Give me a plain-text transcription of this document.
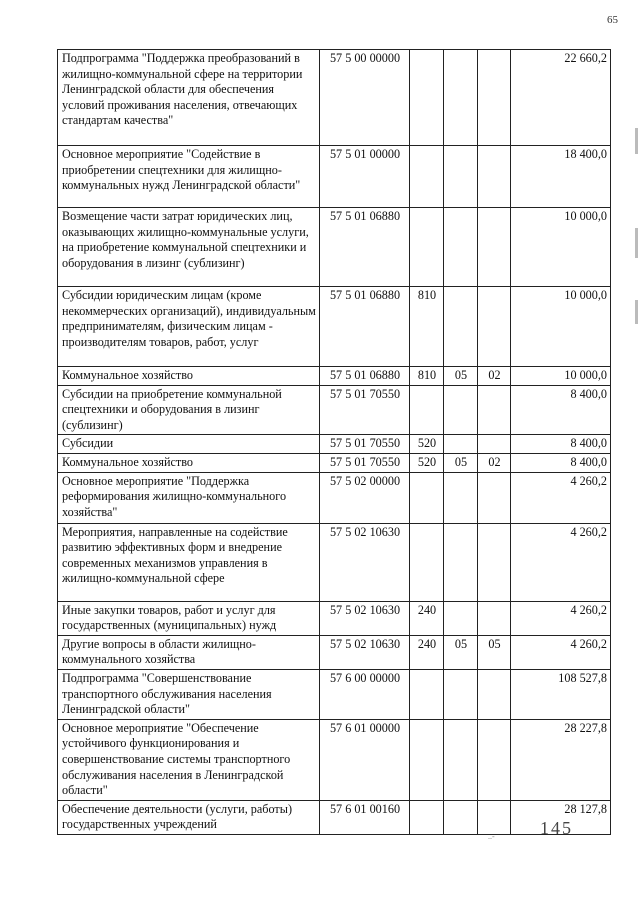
65
Подпрограмма "Поддержка преобразований в жилищно-коммунальной сфере на территории Ленинградской области для обеспечения условий проживания населения, отвечающих стандартам качества"	57 5 00 00000				22 660,2
Основное мероприятие "Содействие в приобретении спецтехники для жилищно-коммунальных нужд Ленинградской области"	57 5 01 00000				18 400,0
Возмещение части затрат юридических лиц, оказывающих жилищно-коммунальные услуги, на приобретение коммунальной спецтехники и оборудования в лизинг (сублизинг)	57 5 01 06880				10 000,0
Субсидии юридическим лицам (кроме некоммерческих организаций), индивидуальным предпринимателям, физическим лицам - производителям товаров, работ, услуг	57 5 01 06880	810			10 000,0
Коммунальное хозяйство	57 5 01 06880	810	05	02	10 000,0
Субсидии на приобретение коммунальной спецтехники и оборудования в лизинг (сублизинг)	57 5 01 70550				8 400,0
Субсидии	57 5 01 70550	520			8 400,0
Коммунальное хозяйство	57 5 01 70550	520	05	02	8 400,0
Основное мероприятие "Поддержка реформирования жилищно-коммунального хозяйства"	57 5 02 00000				4 260,2
Мероприятия, направленные на содействие развитию эффективных форм и внедрение современных механизмов управления в жилищно-коммунальной сфере	57 5 02 10630				4 260,2
Иные закупки товаров, работ и услуг для государственных (муниципальных) нужд	57 5 02 10630	240			4 260,2
Другие вопросы в области жилищно-коммунального хозяйства	57 5 02 10630	240	05	05	4 260,2
Подпрограмма "Совершенствование транспортного обслуживания населения Ленинградской области"	57 6 00 00000				108 527,8
Основное мероприятие "Обеспечение устойчивого функционирования и совершенствование системы транспортного обслуживания населения в Ленинградской области"	57 6 01 00000				28 227,8
Обеспечение деятельности (услуги, работы) государственных учреждений	57 6 01 00160				28 127,8
..-	145
